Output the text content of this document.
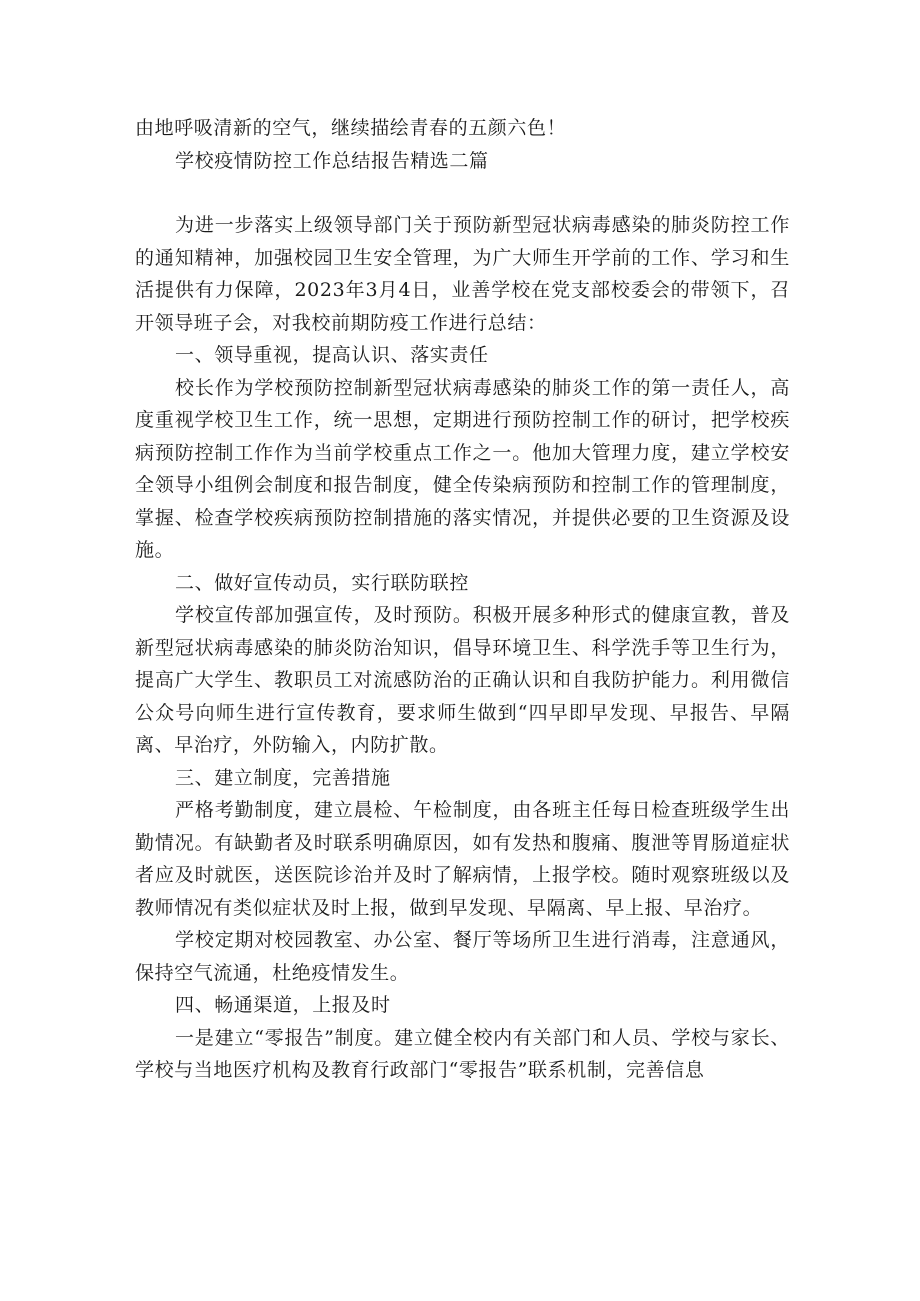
由地呼吸清新的空气，继续描绘青春的五颜六色！

学校疫情防控工作总结报告精选二篇

为进一步落实上级领导部门关于预防新型冠状病毒感染的肺炎防控工作的通知精神，加强校园卫生安全管理，为广大师生开学前的工作、学习和生活提供有力保障，2023年3月4日，业善学校在党支部校委会的带领下，召开领导班子会，对我校前期防疫工作进行总结：

一、领导重视，提高认识、落实责任

校长作为学校预防控制新型冠状病毒感染的肺炎工作的第一责任人，高度重视学校卫生工作，统一思想，定期进行预防控制工作的研讨，把学校疾病预防控制工作作为当前学校重点工作之一。他加大管理力度，建立学校安全领导小组例会制度和报告制度，健全传染病预防和控制工作的管理制度，掌握、检查学校疾病预防控制措施的落实情况，并提供必要的卫生资源及设施。

二、做好宣传动员，实行联防联控

学校宣传部加强宣传，及时预防。积极开展多种形式的健康宣教，普及新型冠状病毒感染的肺炎防治知识，倡导环境卫生、科学洗手等卫生行为，提高广大学生、教职员工对流感防治的正确认识和自我防护能力。利用微信公众号向师生进行宣传教育，要求师生做到“四早即早发现、早报告、早隔离、早治疗，外防输入，内防扩散。

三、建立制度，完善措施

严格考勤制度，建立晨检、午检制度，由各班主任每日检查班级学生出勤情况。有缺勤者及时联系明确原因，如有发热和腹痛、腹泄等胃肠道症状者应及时就医，送医院诊治并及时了解病情，上报学校。随时观察班级以及教师情况有类似症状及时上报，做到早发现、早隔离、早上报、早治疗。

学校定期对校园教室、办公室、餐厅等场所卫生进行消毒，注意通风，保持空气流通，杜绝疫情发生。

四、畅通渠道，上报及时

一是建立“零报告”制度。建立健全校内有关部门和人员、学校与家长、学校与当地医疗机构及教育行政部门“零报告”联系机制，完善信息
